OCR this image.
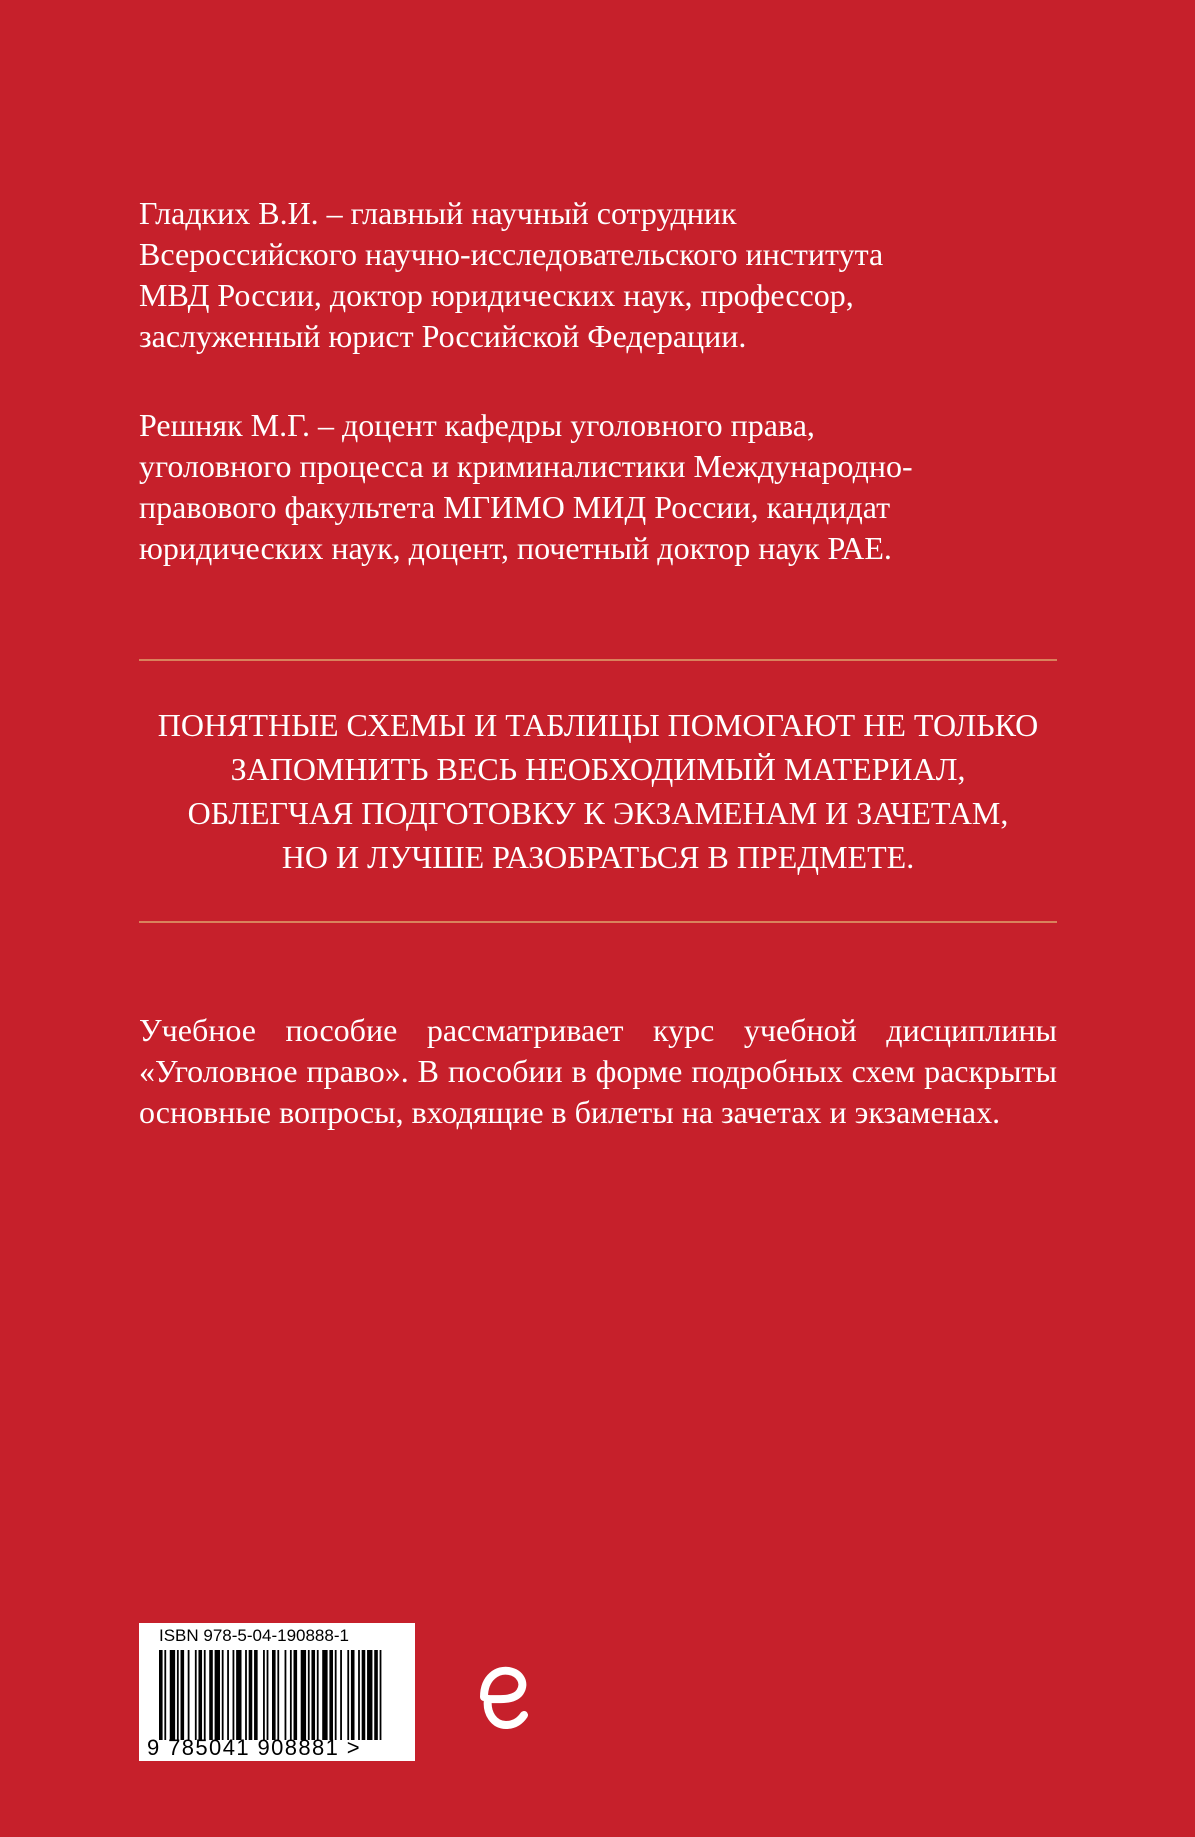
Гладких В.И. – главный научный сотрудник
Всероссийского научно-исследовательского института
МВД России, доктор юридических наук, профессор,
заслуженный юрист Российской Федерации.

Решняк М.Г. – доцент кафедры уголовного права,
уголовного процесса и криминалистики Международно-
правового факультета МГИМО МИД России, кандидат
юридических наук, доцент, почетный доктор наук РАЕ.

ПОНЯТНЫЕ СХЕМЫ И ТАБЛИЦЫ ПОМОГАЮТ НЕ ТОЛЬКО
ЗАПОМНИТЬ ВЕСЬ НЕОБХОДИМЫЙ МАТЕРИАЛ,
ОБЛЕГЧАЯ ПОДГОТОВКУ К ЭКЗАМЕНАМ И ЗАЧЕТАМ,
НО И ЛУЧШЕ РАЗОБРАТЬСЯ В ПРЕДМЕТЕ.

Учебное пособие рассматривает курс учебной дисциплины «Уголовное право». В пособии в форме подробных схем раскрыты основные вопросы, входящие в билеты на зачетах и экзаменах.

ISBN 978-5-04-190888-1
9 785041 908881 >
